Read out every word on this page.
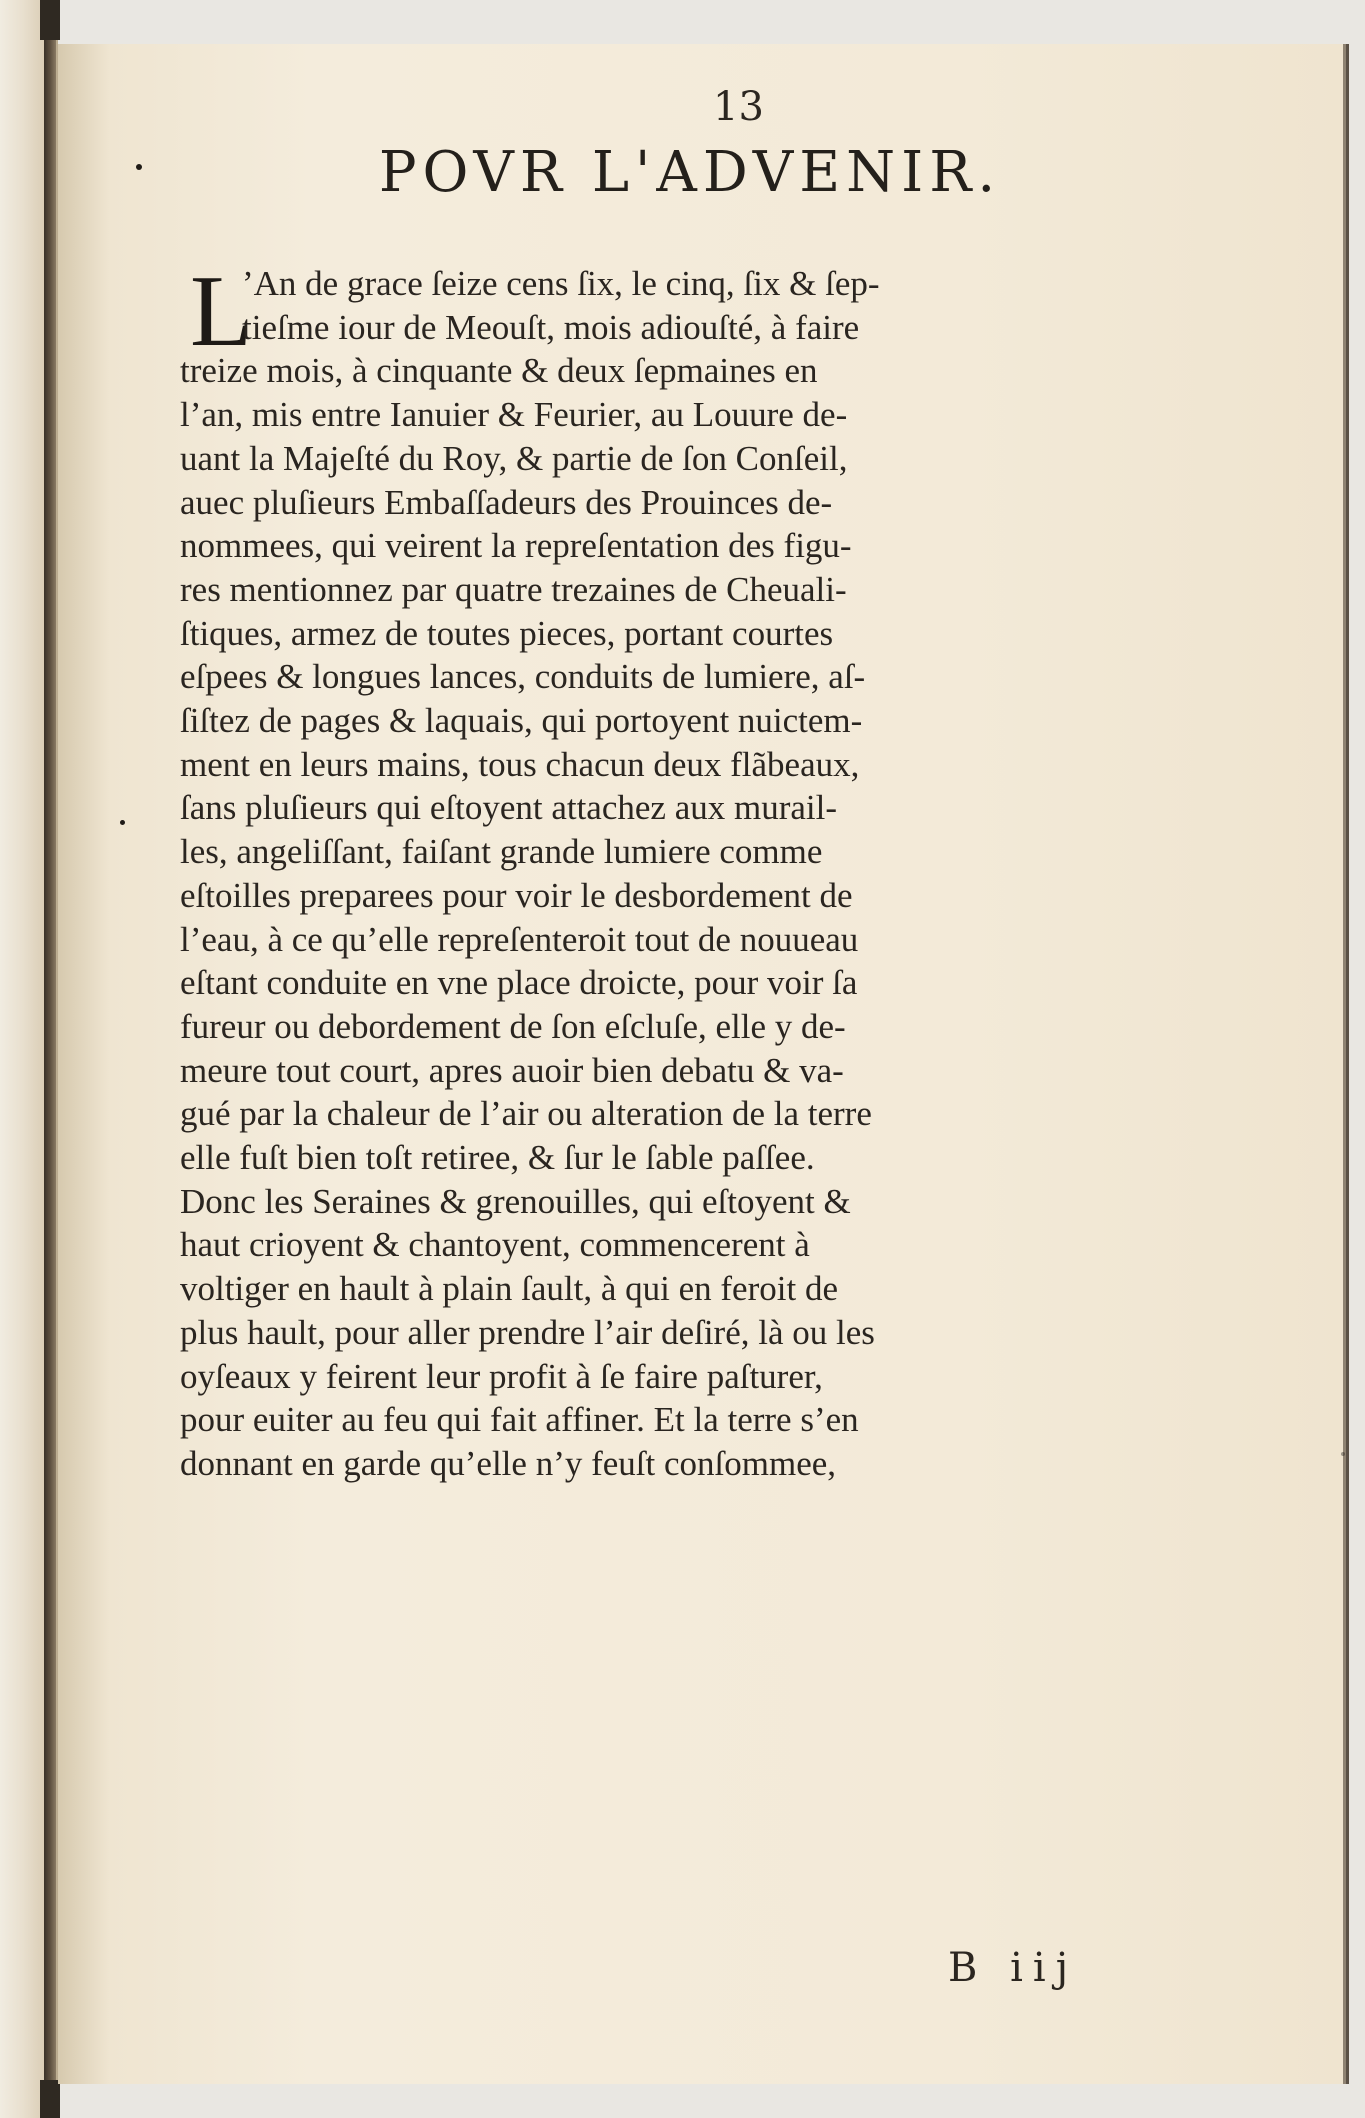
13
POVR L'ADVENIR.
L
’An de grace ſeize cens ſix, le cinq, ſix & ſep-
tieſme iour de Meouſt, mois adiouſté, à faire
treize mois, à cinquante & deux ſepmaines en
l’an, mis entre Ianuier & Feurier, au Louure de-
uant la Majeſté du Roy, & partie de ſon Conſeil,
auec pluſieurs Embaſſadeurs des Prouinces de-
nommees, qui veirent la repreſentation des figu-
res mentionnez par quatre trezaines de Cheuali-
ſtiques, armez de toutes pieces, portant courtes
eſpees & longues lances, conduits de lumiere, aſ-
ſiſtez de pages & laquais, qui portoyent nuictem-
ment en leurs mains, tous chacun deux flãbeaux,
ſans pluſieurs qui eſtoyent attachez aux murail-
les, angeliſſant, faiſant grande lumiere comme
eſtoilles preparees pour voir le desbordement de
l’eau, à ce qu’elle repreſenteroit tout de nouueau
eſtant conduite en vne place droicte, pour voir ſa
fureur ou debordement de ſon eſcluſe, elle y de-
meure tout court, apres auoir bien debatu & va-
gué par la chaleur de l’air ou alteration de la terre
elle fuſt bien toſt retiree, & ſur le ſable paſſee.
Donc les Seraines & grenouilles, qui eſtoyent &
haut crioyent & chantoyent, commencerent à
voltiger en hault à plain ſault, à qui en feroit de
plus hault, pour aller prendre l’air deſiré, là ou les
oyſeaux y feirent leur profit à ſe faire paſturer,
pour euiter au feu qui fait affiner. Et la terre s’en
donnant en garde qu’elle n’y feuſt conſommee,
B iij
